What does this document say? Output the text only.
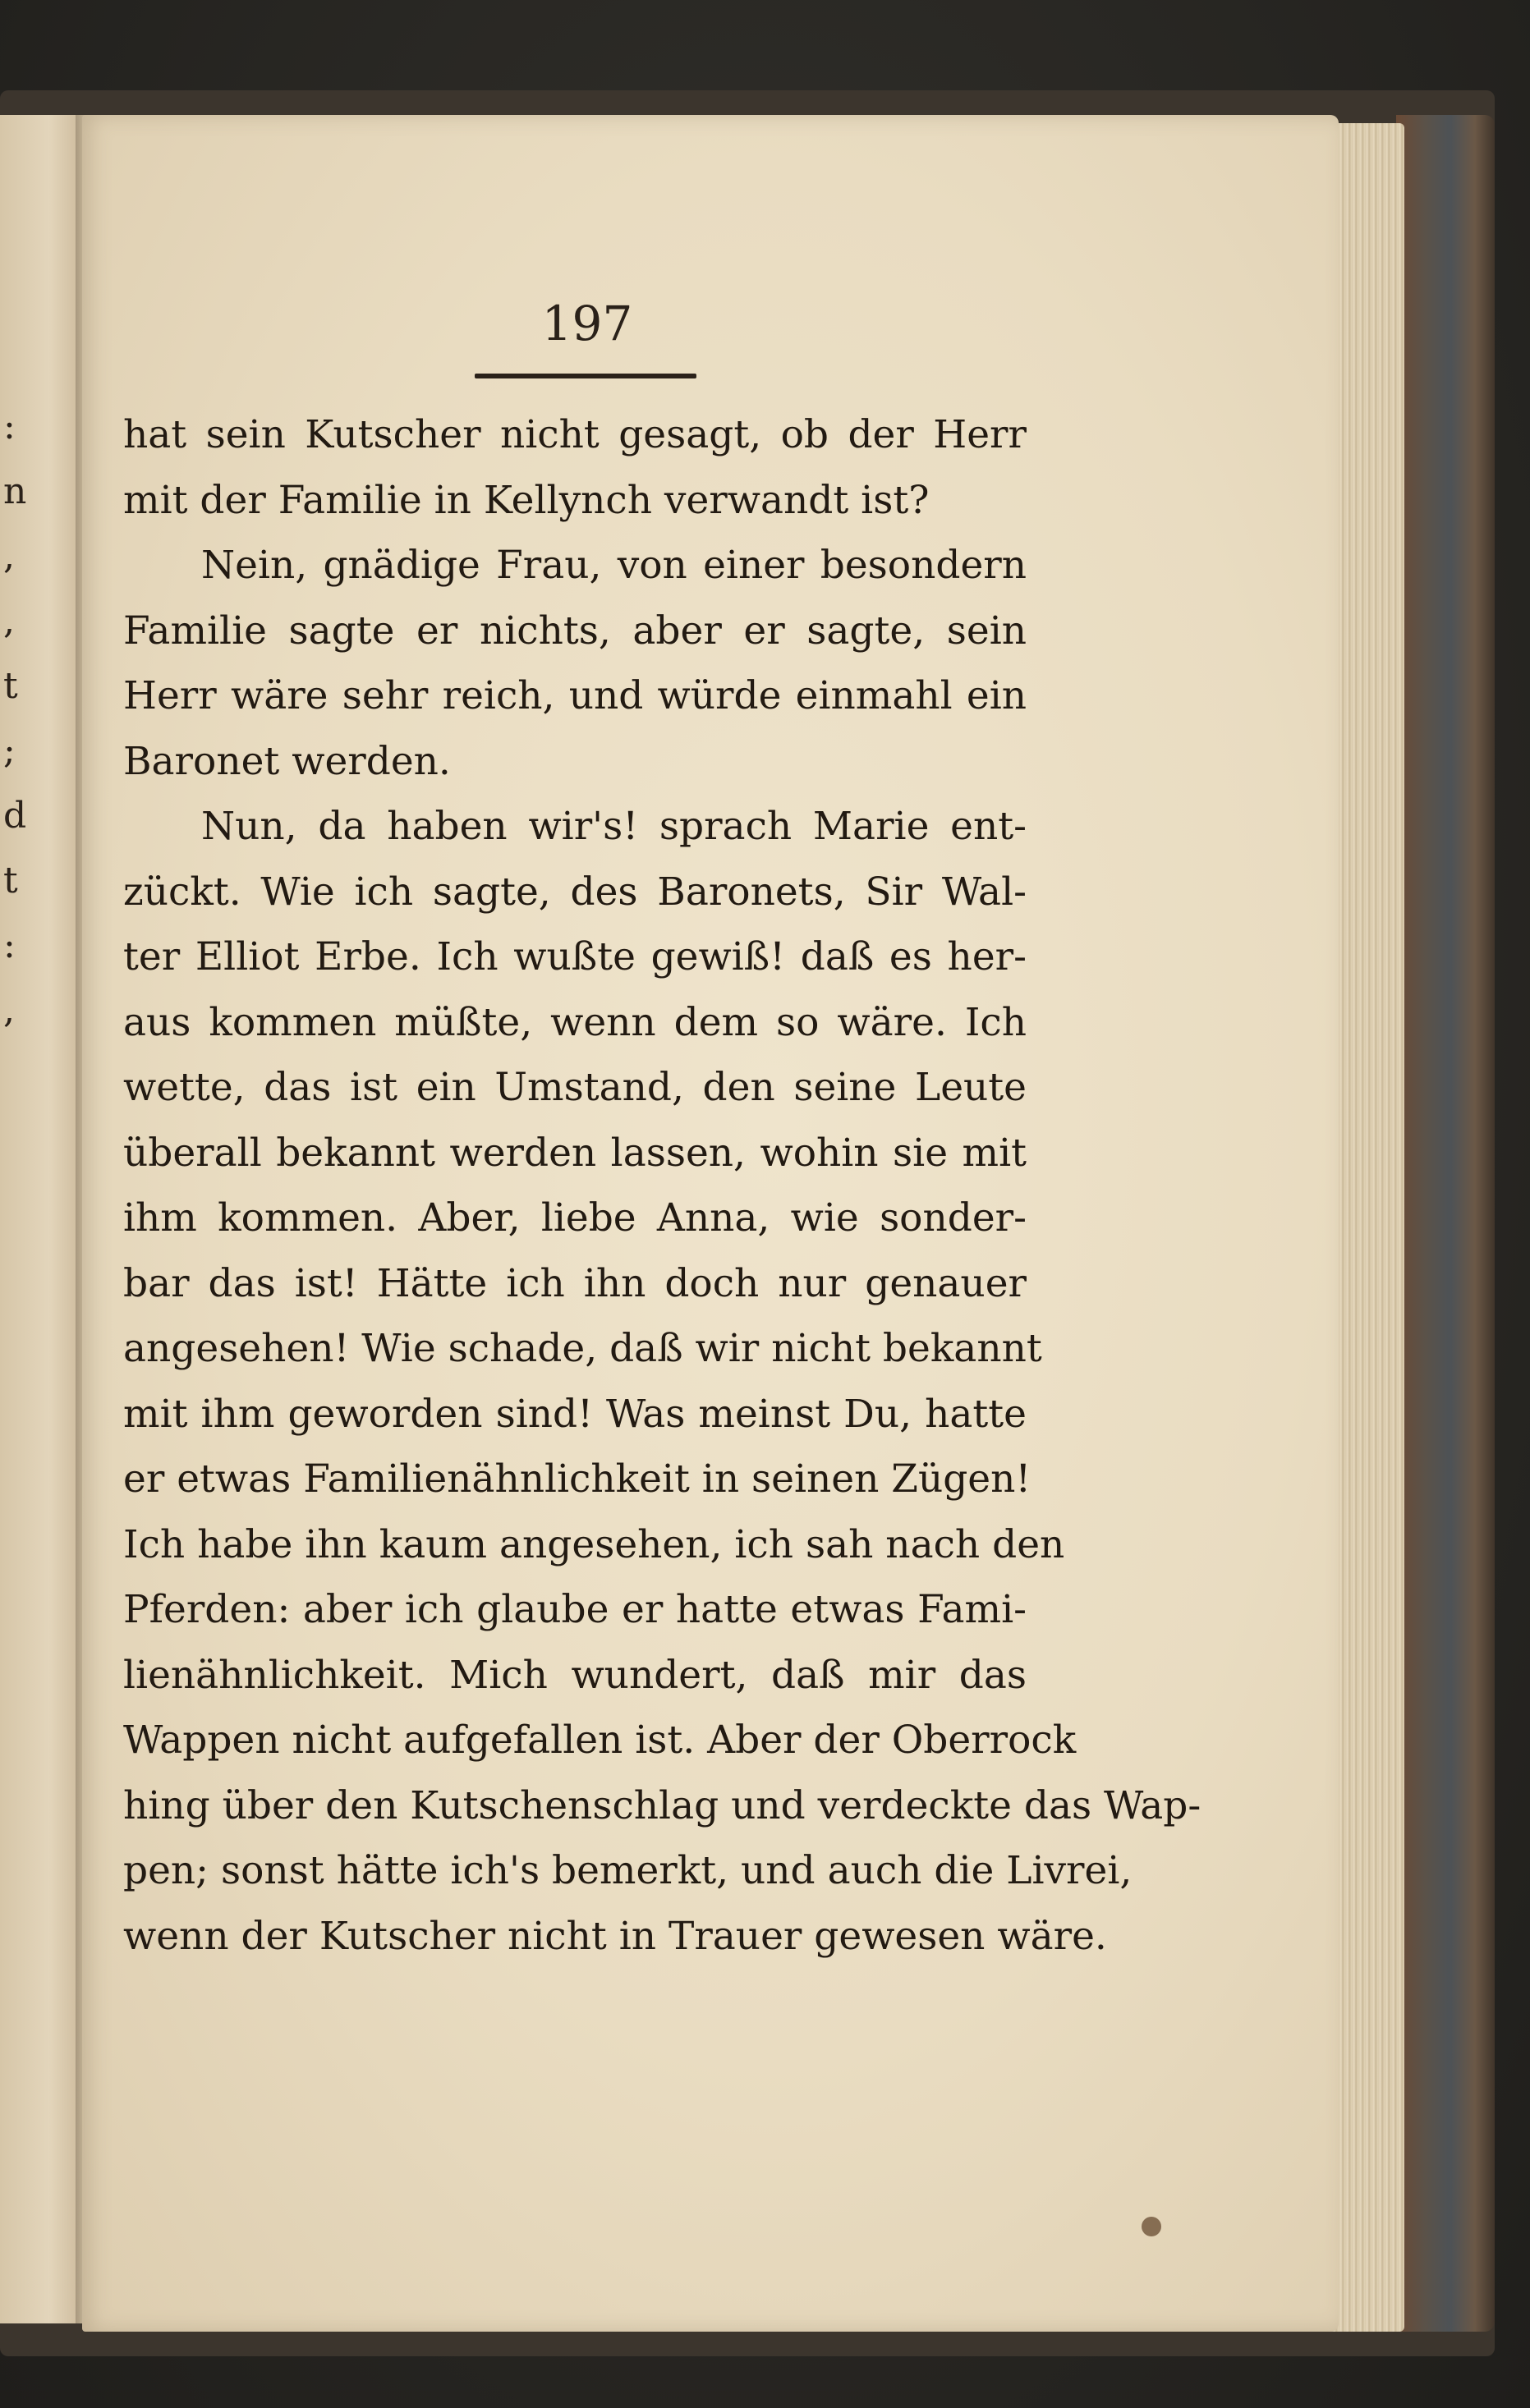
:
n
,
,
t
;
d
t
:
,
197
hat sein Kutscher nicht gesagt, ob der Herr
mit der Familie in Kellynch verwandt ist?
Nein, gnädige Frau, von einer besondern
Familie sagte er nichts, aber er sagte, sein
Herr wäre sehr reich, und würde einmahl ein
Baronet werden.
Nun, da haben wir's! sprach Marie ent-
zückt. Wie ich sagte, des Baronets, Sir Wal-
ter Elliot Erbe. Ich wußte gewiß! daß es her-
aus kommen müßte, wenn dem so wäre. Ich
wette, das ist ein Umstand, den seine Leute
überall bekannt werden lassen, wohin sie mit
ihm kommen. Aber, liebe Anna, wie sonder-
bar das ist! Hätte ich ihn doch nur genauer
angesehen! Wie schade, daß wir nicht bekannt
mit ihm geworden sind! Was meinst Du, hatte
er etwas Familienähnlichkeit in seinen Zügen!
Ich habe ihn kaum angesehen, ich sah nach den
Pferden: aber ich glaube er hatte etwas Fami-
lienähnlichkeit. Mich wundert, daß mir das
Wappen nicht aufgefallen ist. Aber der Oberrock
hing über den Kutschenschlag und verdeckte das Wap-
pen; sonst hätte ich's bemerkt, und auch die Livrei,
wenn der Kutscher nicht in Trauer gewesen wäre.
